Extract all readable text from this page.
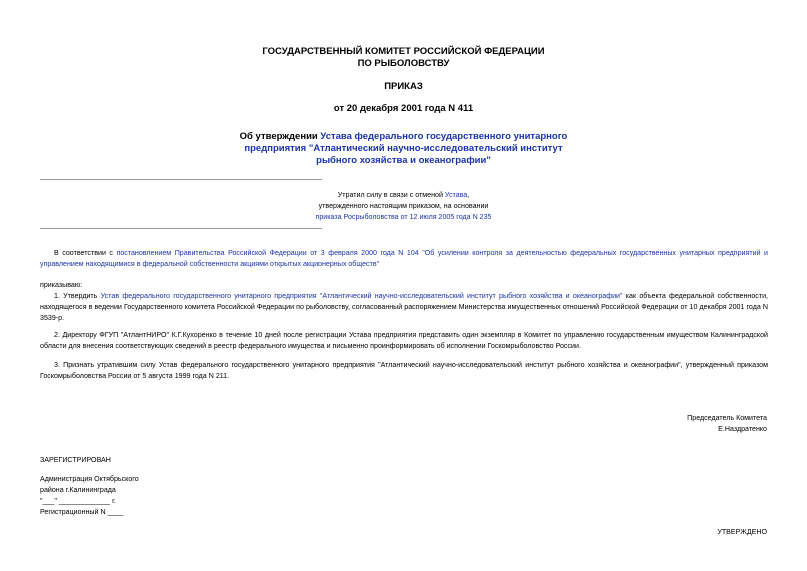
ГОСУДАРСТВЕННЫЙ КОМИТЕТ РОССИЙСКОЙ ФЕДЕРАЦИИ
ПО РЫБОЛОВСТВУ
ПРИКАЗ
от 20 декабря 2001 года N 411
Об утверждении Устава федерального государственного унитарного
предприятия "Атлантический научно-исследовательский институт
рыбного хозяйства и океанографии"
Утратил силу в связи с отменой Устава,
утвержденного настоящим приказом, на основании
приказа Росрыболовства от 12 июля 2005 года N 235
В соответствии с постановлением Правительства Российской Федерации от 3 февраля 2000 года N 104 "Об усилении контроля за деятельностью федеральных государственных унитарных предприятий и управлением находящимися в федеральной собственности акциями открытых акционерных обществ"
приказываю:
1. Утвердить Устав федерального государственного унитарного предприятия "Атлантический научно-исследовательский институт рыбного хозяйства и океанографии" как объекта федеральной собственности, находящегося в ведении Государственного комитета Российской Федерации по рыболовству, согласованный распоряжением Министерства имущественных отношений Российской Федерации от 10 декабря 2001 года N 3539-р.
2. Директору ФГУП "АтлантНИРО" К.Г.Кухоренко в течение 10 дней после регистрации Устава предприятия представить один экземпляр в Комитет по управлению государственным имуществом Калининградской области для внесения соответствующих сведений в реестр федерального имущества и письменно проинформировать об исполнении Госкомрыболовство России.
3. Признать утратившим силу Устав федерального государственного унитарного предприятия "Атлантический научно-исследовательский институт рыбного хозяйства и океанографии", утвержденный приказом Госкомрыболовства России от 5 августа 1999 года N 211.
Председатель Комитета
Е.Наздратенко
ЗАРЕГИСТРИРОВАН
Администрация Октябрьского
района г.Калининграда
"___" _____________ г.
Регистрационный N ____
УТВЕРЖДЕНО
